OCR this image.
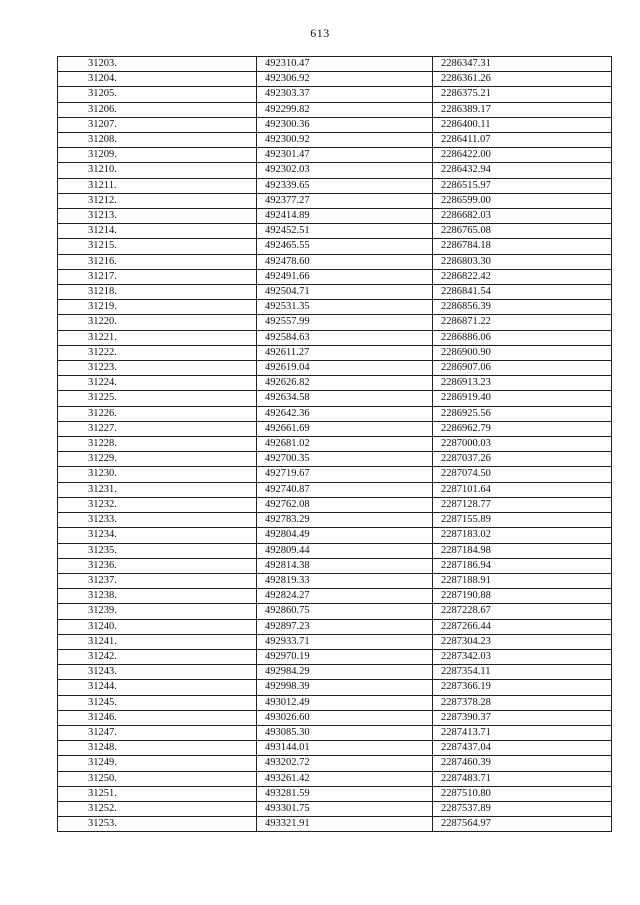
613
31203.	492310.47	2286347.31
31204.	492306.92	2286361.26
31205.	492303.37	2286375.21
31206.	492299.82	2286389.17
31207.	492300.36	2286400.11
31208.	492300.92	2286411.07
31209.	492301.47	2286422.00
31210.	492302.03	2286432.94
31211.	492339.65	2286515.97
31212.	492377.27	2286599.00
31213.	492414.89	2286682.03
31214.	492452.51	2286765.08
31215.	492465.55	2286784.18
31216.	492478.60	2286803.30
31217.	492491.66	2286822.42
31218.	492504.71	2286841.54
31219.	492531.35	2286856.39
31220.	492557.99	2286871.22
31221.	492584.63	2286886.06
31222.	492611.27	2286900.90
31223.	492619.04	2286907.06
31224.	492626.82	2286913.23
31225.	492634.58	2286919.40
31226.	492642.36	2286925.56
31227.	492661.69	2286962.79
31228.	492681.02	2287000.03
31229.	492700.35	2287037.26
31230.	492719.67	2287074.50
31231.	492740.87	2287101.64
31232.	492762.08	2287128.77
31233.	492783.29	2287155.89
31234.	492804.49	2287183.02
31235.	492809.44	2287184.98
31236.	492814.38	2287186.94
31237.	492819.33	2287188.91
31238.	492824.27	2287190.88
31239.	492860.75	2287228.67
31240.	492897.23	2287266.44
31241.	492933.71	2287304.23
31242.	492970.19	2287342.03
31243.	492984.29	2287354.11
31244.	492998.39	2287366.19
31245.	493012.49	2287378.28
31246.	493026.60	2287390.37
31247.	493085.30	2287413.71
31248.	493144.01	2287437.04
31249.	493202.72	2287460.39
31250.	493261.42	2287483.71
31251.	493281.59	2287510.80
31252.	493301.75	2287537.89
31253.	493321.91	2287564.97
